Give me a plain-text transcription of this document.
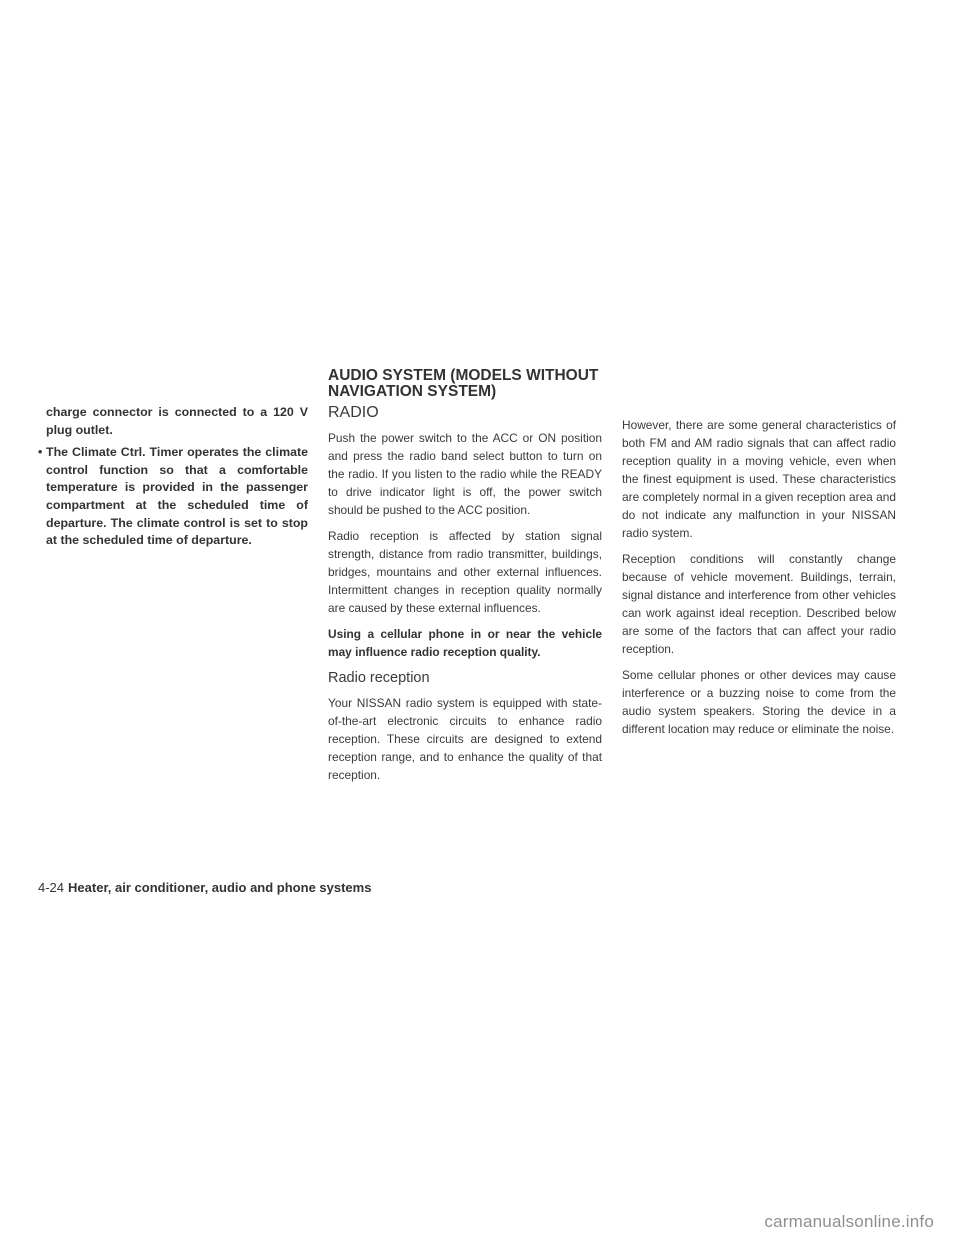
charge connector is connected to a 120 V plug outlet.

• The Climate Ctrl. Timer operates the climate control function so that a comfortable temperature is provided in the passenger compartment at the scheduled time of departure. The climate control is set to stop at the scheduled time of departure.
AUDIO SYSTEM (MODELS WITHOUT
NAVIGATION SYSTEM)
RADIO

Push the power switch to the ACC or ON position and press the radio band select button to turn on the radio. If you listen to the radio while the READY to drive indicator light is off, the power switch should be pushed to the ACC position.

Radio reception is affected by station signal strength, distance from radio transmitter, buildings, bridges, mountains and other external influences. Intermittent changes in reception quality normally are caused by these external influences.

Using a cellular phone in or near the vehicle may influence radio reception quality.

Radio reception

Your NISSAN radio system is equipped with state-of-the-art electronic circuits to enhance radio reception. These circuits are designed to extend reception range, and to enhance the quality of that reception.

However, there are some general characteristics of both FM and AM radio signals that can affect radio reception quality in a moving vehicle, even when the finest equipment is used. These characteristics are completely normal in a given reception area and do not indicate any malfunction in your NISSAN radio system.

Reception conditions will constantly change because of vehicle movement. Buildings, terrain, signal distance and interference from other vehicles can work against ideal reception. Described below are some of the factors that can affect your radio reception.

Some cellular phones or other devices may cause interference or a buzzing noise to come from the audio system speakers. Storing the device in a different location may reduce or eliminate the noise.

4-24 Heater, air conditioner, audio and phone systems
carmanualsonline.info
